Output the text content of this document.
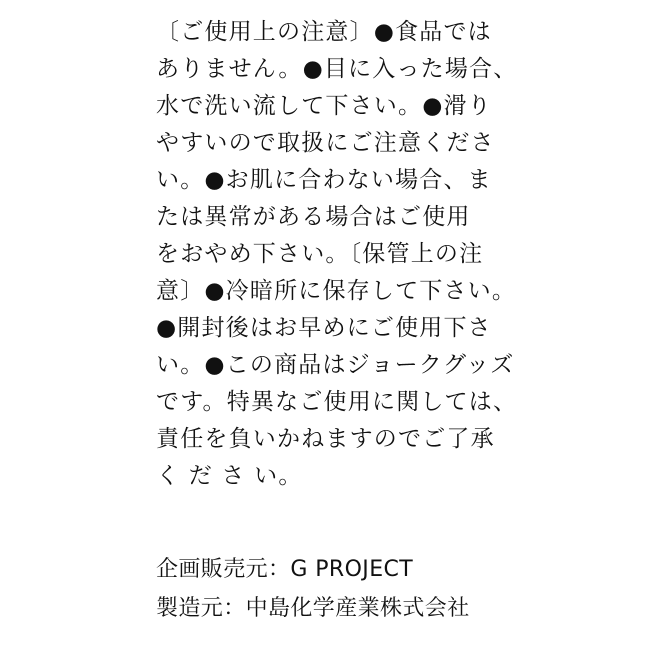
〔ご使用上の注意〕●食品では
ありません。●目に入った場合、
水で洗い流して下さい。●滑り
やすいので取扱にご注意くださ
い。●お肌に合わない場合、ま
たは異常がある場合はご使用
をおやめ下さい。〔保管上の注
意〕●冷暗所に保存して下さい。
●開封後はお早めにご使用下さ
い。●この商品はジョークグッズ
です。特異なご使用に関しては、
責任を負いかねますのでご了承
く だ さ い。
企画販売元：G PROJECT
製造元：中島化学産業株式会社
